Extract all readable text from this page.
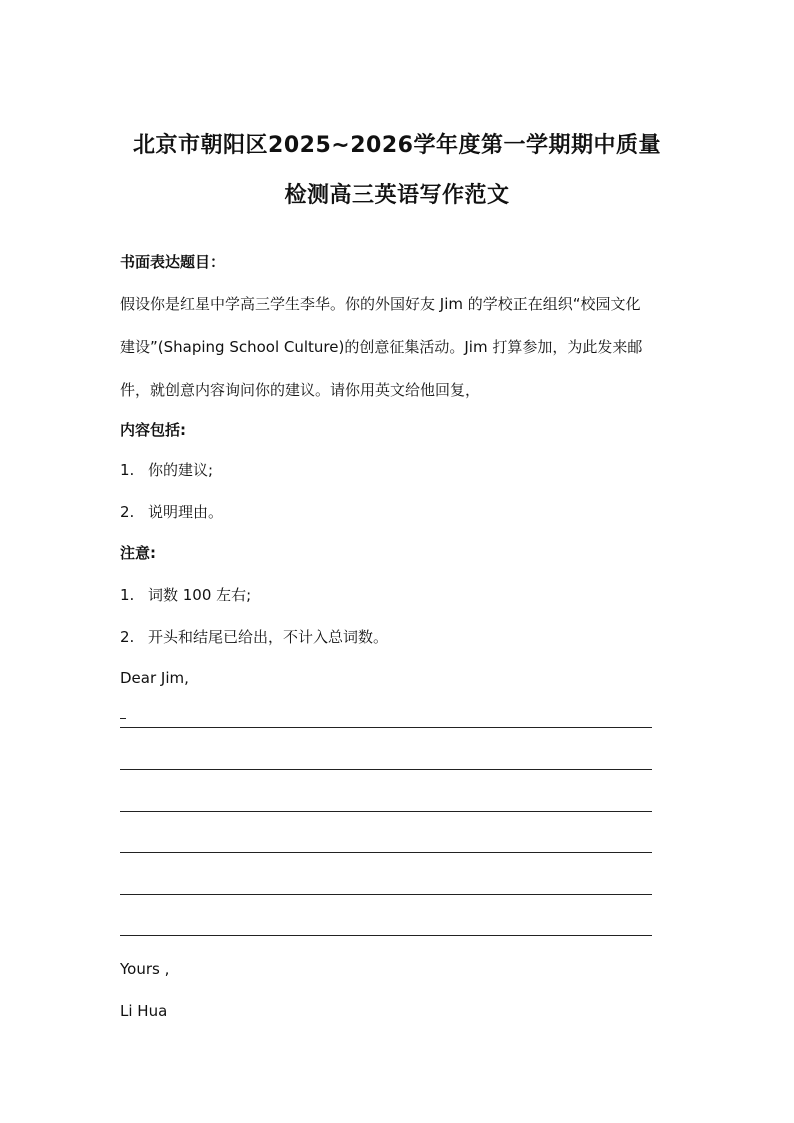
北京市朝阳区2025~2026学年度第一学期期中质量
检测高三英语写作范文
书面表达题目：
假设你是红星中学高三学生李华。你的外国好友 Jim 的学校正在组织“校园文化
建设”(Shaping School Culture)的创意征集活动。Jim 打算参加，为此发来邮
件，就创意内容询问你的建议。请你用英文给他回复，
内容包括:
1. 你的建议;
2. 说明理由。
注意:
1. 词数 100 左右;
2. 开头和结尾已给出，不计入总词数。
Dear Jim,
Yours ,
Li Hua
